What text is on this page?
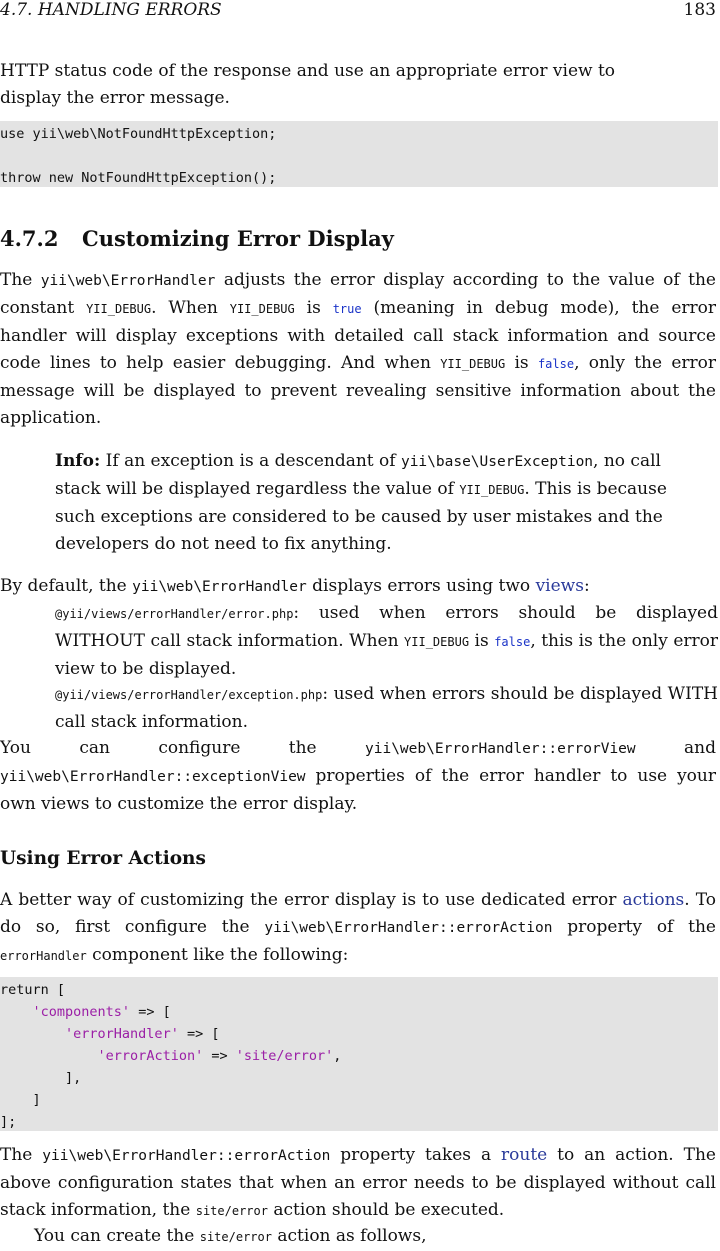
4.7. HANDLING ERRORS	183
HTTP status code of the response and use an appropriate error view to
display the error message.
use yii\web\NotFoundHttpException;

throw new NotFoundHttpException();
4.7.2 Customizing Error Display
The yii\web\ErrorHandler adjusts the error display according to the value of the constant YII_DEBUG. When YII_DEBUG is true (meaning in debug mode), the error handler will display exceptions with detailed call stack information and source code lines to help easier debugging. And when YII_DEBUG is false, only the error message will be displayed to prevent revealing sensitive information about the application.
Info: If an exception is a descendant of yii\base\UserException, no call stack will be displayed regardless the value of YII_DEBUG. This is because such exceptions are considered to be caused by user mistakes and the developers do not need to fix anything.
By default, the yii\web\ErrorHandler displays errors using two views:
@yii/views/errorHandler/error.php: used when errors should be displayed WITHOUT call stack information. When YII_DEBUG is false, this is the only error view to be displayed.
@yii/views/errorHandler/exception.php: used when errors should be displayed WITH call stack information.
You can configure the yii\web\ErrorHandler::errorView and yii\web\ErrorHandler::exceptionView properties of the error handler to use your own views to customize the error display.
Using Error Actions
A better way of customizing the error display is to use dedicated error actions. To do so, first configure the yii\web\ErrorHandler::errorAction property of the errorHandler component like the following:
return [
'components' => [
'errorHandler' => [
'errorAction' => 'site/error',
],
]
];
The yii\web\ErrorHandler::errorAction property takes a route to an action. The above configuration states that when an error needs to be displayed without call stack information, the site/error action should be executed.
You can create the site/error action as follows,
